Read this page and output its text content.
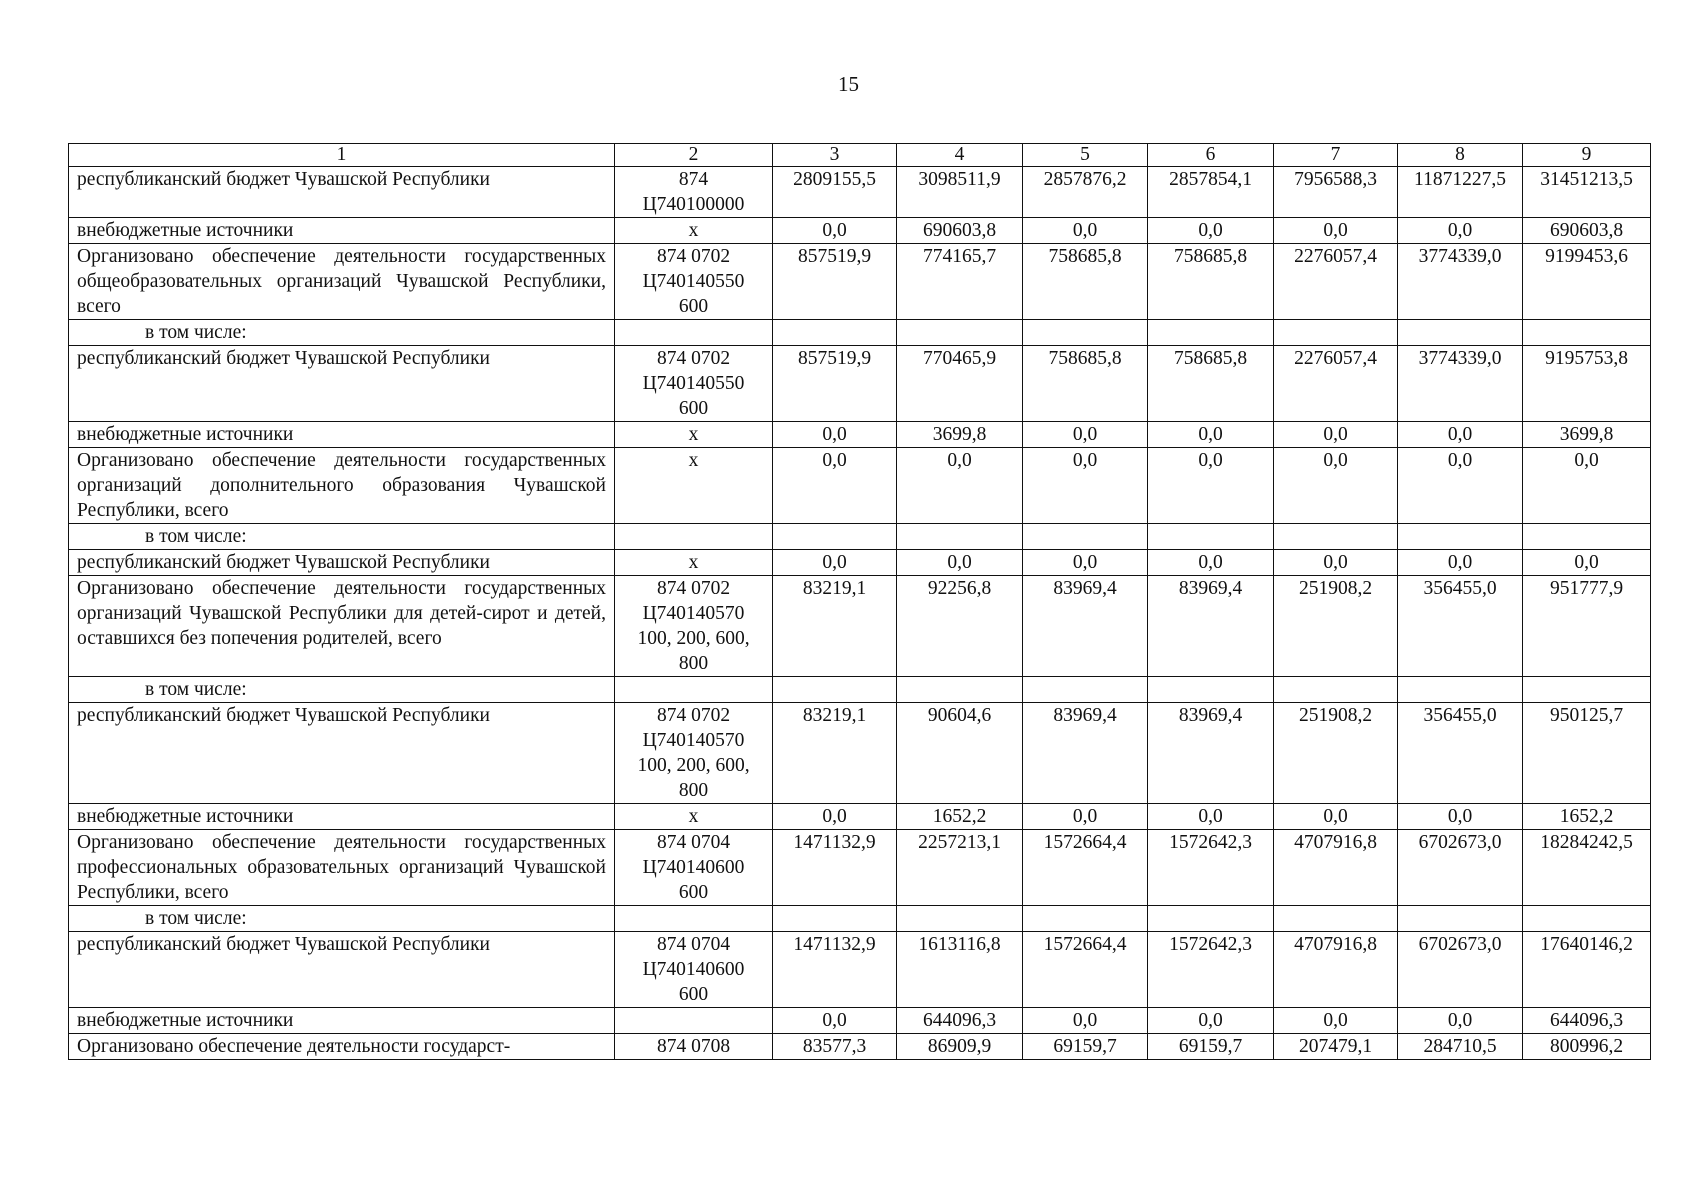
15
1	2	3	4	5	6	7	8	9
республиканский бюджет Чувашской Республики	874
Ц740100000	2809155,5	3098511,9	2857876,2	2857854,1	7956588,3	11871227,5	31451213,5
внебюджетные источники	х	0,0	690603,8	0,0	0,0	0,0	0,0	690603,8
Организовано обеспечение деятельности государственных общеобразовательных организаций Чувашской Республики, всего	874 0702
Ц740140550
600	857519,9	774165,7	758685,8	758685,8	2276057,4	3774339,0	9199453,6
в том числе:								
республиканский бюджет Чувашской Республики	874 0702
Ц740140550
600	857519,9	770465,9	758685,8	758685,8	2276057,4	3774339,0	9195753,8
внебюджетные источники	х	0,0	3699,8	0,0	0,0	0,0	0,0	3699,8
Организовано обеспечение деятельности государственных организаций дополнительного образования Чувашской Республики, всего	х	0,0	0,0	0,0	0,0	0,0	0,0	0,0
в том числе:								
республиканский бюджет Чувашской Республики	х	0,0	0,0	0,0	0,0	0,0	0,0	0,0
Организовано обеспечение деятельности государственных организаций Чувашской Республики для детей-сирот и детей, оставшихся без попечения родителей, всего	874 0702
Ц740140570
100, 200, 600,
800	83219,1	92256,8	83969,4	83969,4	251908,2	356455,0	951777,9
в том числе:								
республиканский бюджет Чувашской Республики	874 0702
Ц740140570
100, 200, 600,
800	83219,1	90604,6	83969,4	83969,4	251908,2	356455,0	950125,7
внебюджетные источники	х	0,0	1652,2	0,0	0,0	0,0	0,0	1652,2
Организовано обеспечение деятельности государственных профессиональных образовательных организаций Чувашской Республики, всего	874 0704
Ц740140600
600	1471132,9	2257213,1	1572664,4	1572642,3	4707916,8	6702673,0	18284242,5
в том числе:								
республиканский бюджет Чувашской Республики	874 0704
Ц740140600
600	1471132,9	1613116,8	1572664,4	1572642,3	4707916,8	6702673,0	17640146,2
внебюджетные источники		0,0	644096,3	0,0	0,0	0,0	0,0	644096,3
Организовано обеспечение деятельности государст-	874 0708	83577,3	86909,9	69159,7	69159,7	207479,1	284710,5	800996,2
